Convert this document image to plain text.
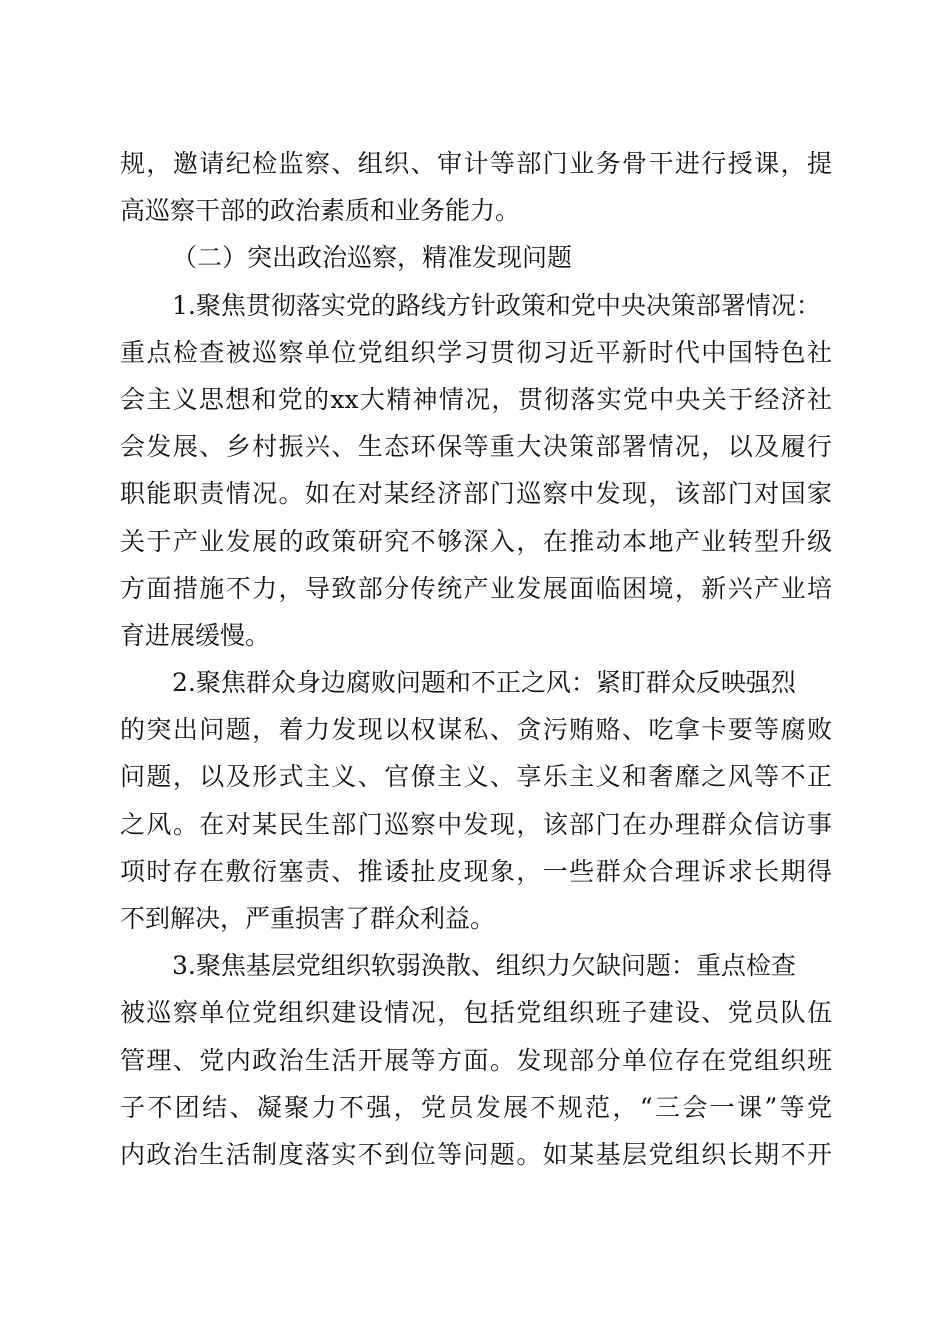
规，邀请纪检监察、组织、审计等部门业务骨干进行授课，提
高巡察干部的政治素质和业务能力。
（二）突出政治巡察，精准发现问题
1.聚焦贯彻落实党的路线方针政策和党中央决策部署情况：
重点检查被巡察单位党组织学习贯彻习近平新时代中国特色社
会主义思想和党的xx大精神情况，贯彻落实党中央关于经济社
会发展、乡村振兴、生态环保等重大决策部署情况，以及履行
职能职责情况。如在对某经济部门巡察中发现，该部门对国家
关于产业发展的政策研究不够深入，在推动本地产业转型升级
方面措施不力，导致部分传统产业发展面临困境，新兴产业培
育进展缓慢。
2.聚焦群众身边腐败问题和不正之风：紧盯群众反映强烈
的突出问题，着力发现以权谋私、贪污贿赂、吃拿卡要等腐败
问题，以及形式主义、官僚主义、享乐主义和奢靡之风等不正
之风。在对某民生部门巡察中发现，该部门在办理群众信访事
项时存在敷衍塞责、推诿扯皮现象，一些群众合理诉求长期得
不到解决，严重损害了群众利益。
3.聚焦基层党组织软弱涣散、组织力欠缺问题：重点检查
被巡察单位党组织建设情况，包括党组织班子建设、党员队伍
管理、党内政治生活开展等方面。发现部分单位存在党组织班
子不团结、凝聚力不强，党员发展不规范，“三会一课”等党
内政治生活制度落实不到位等问题。如某基层党组织长期不开
